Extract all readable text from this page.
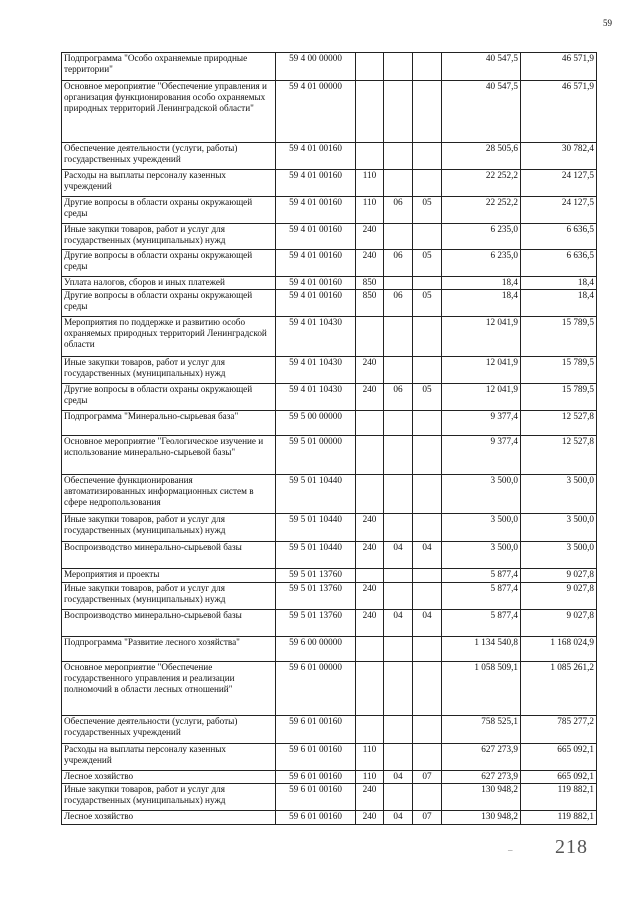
59
Подпрограмма "Особо охраняемые природные территории"	59 4 00 00000				40 547,5	46 571,9
Основное мероприятие "Обеспечение управления и организация функционирования особо охраняемых природных территорий Ленинградской области"	59 4 01 00000				40 547,5	46 571,9
Обеспечение деятельности (услуги, работы) государственных учреждений	59 4 01 00160				28 505,6	30 782,4
Расходы на выплаты персоналу казенных учреждений	59 4 01 00160	110			22 252,2	24 127,5
Другие вопросы в области охраны окружающей среды	59 4 01 00160	110	06	05	22 252,2	24 127,5
Иные закупки товаров, работ и услуг для государственных (муниципальных) нужд	59 4 01 00160	240			6 235,0	6 636,5
Другие вопросы в области охраны окружающей среды	59 4 01 00160	240	06	05	6 235,0	6 636,5
Уплата налогов, сборов и иных платежей	59 4 01 00160	850			18,4	18,4
Другие вопросы в области охраны окружающей среды	59 4 01 00160	850	06	05	18,4	18,4
Мероприятия по поддержке и развитию особо охраняемых природных территорий Ленинградской области	59 4 01 10430				12 041,9	15 789,5
Иные закупки товаров, работ и услуг для государственных (муниципальных) нужд	59 4 01 10430	240			12 041,9	15 789,5
Другие вопросы в области охраны окружающей среды	59 4 01 10430	240	06	05	12 041,9	15 789,5
Подпрограмма "Минерально-сырьевая база"	59 5 00 00000				9 377,4	12 527,8
Основное мероприятие "Геологическое изучение и использование минерально-сырьевой базы"	59 5 01 00000				9 377,4	12 527,8
Обеспечение функционирования автоматизированных информационных систем в сфере недропользования	59 5 01 10440				3 500,0	3 500,0
Иные закупки товаров, работ и услуг для государственных (муниципальных) нужд	59 5 01 10440	240			3 500,0	3 500,0
Воспроизводство минерально-сырьевой базы	59 5 01 10440	240	04	04	3 500,0	3 500,0
Мероприятия и проекты	59 5 01 13760				5 877,4	9 027,8
Иные закупки товаров, работ и услуг для государственных (муниципальных) нужд	59 5 01 13760	240			5 877,4	9 027,8
Воспроизводство минерально-сырьевой базы	59 5 01 13760	240	04	04	5 877,4	9 027,8
Подпрограмма "Развитие лесного хозяйства"	59 6 00 00000				1 134 540,8	1 168 024,9
Основное мероприятие "Обеспечение государственного управления и реализации полномочий в области лесных отношений"	59 6 01 00000				1 058 509,1	1 085 261,2
Обеспечение деятельности (услуги, работы) государственных учреждений	59 6 01 00160				758 525,1	785 277,2
Расходы на выплаты персоналу казенных учреждений	59 6 01 00160	110			627 273,9	665 092,1
Лесное хозяйство	59 6 01 00160	110	04	07	627 273,9	665 092,1
Иные закупки товаров, работ и услуг для государственных (муниципальных) нужд	59 6 01 00160	240			130 948,2	119 882,1
Лесное хозяйство	59 6 01 00160	240	04	07	130 948,2	119 882,1
– 218
